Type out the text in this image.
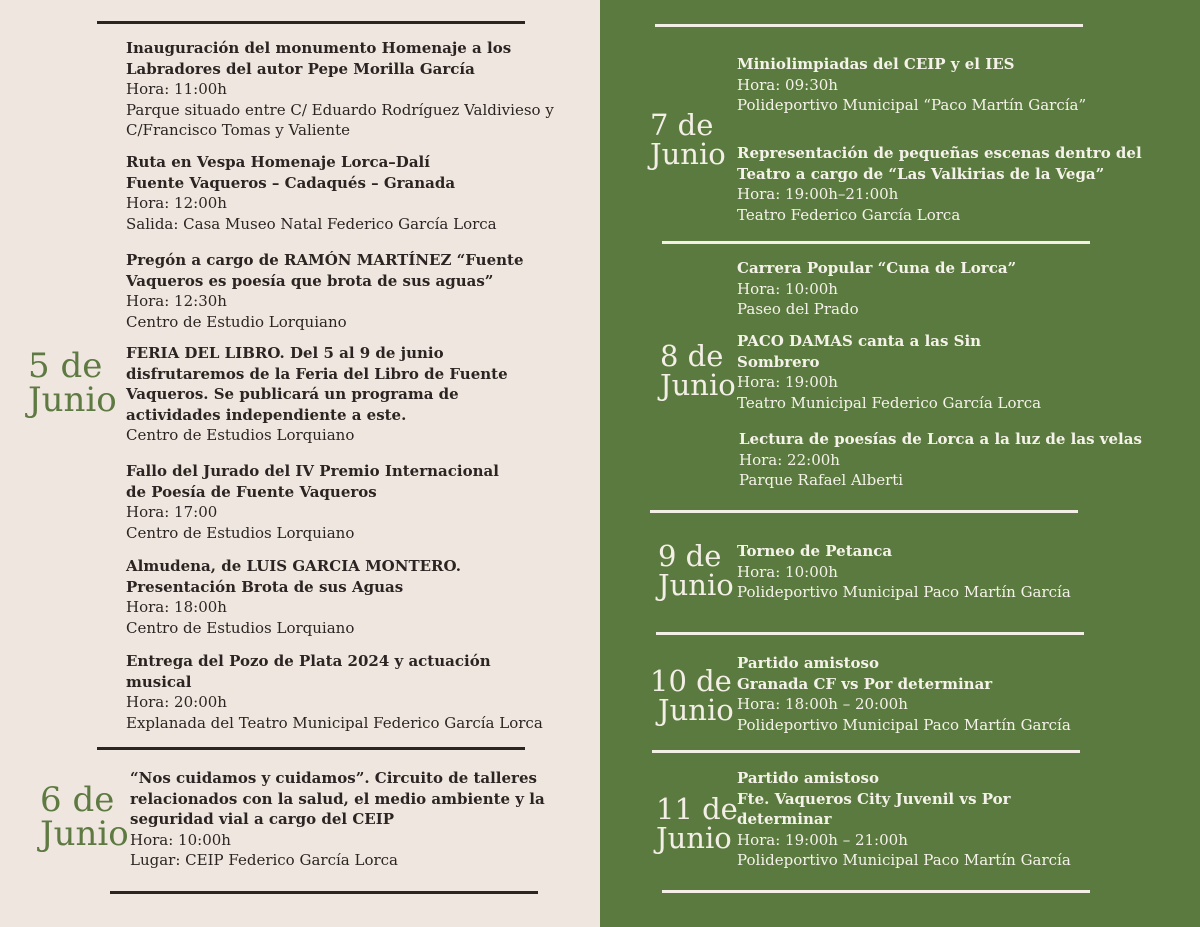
5 de
Junio
Inauguración del monumento Homenaje a los
Labradores del autor Pepe Morilla García
Hora: 11:00h
Parque situado entre C/ Eduardo Rodríguez Valdivieso y
C/Francisco Tomas y Valiente
Ruta en Vespa Homenaje Lorca–Dalí
Fuente Vaqueros – Cadaqués – Granada
Hora: 12:00h
Salida: Casa Museo Natal Federico García Lorca
Pregón a cargo de RAMÓN MARTÍNEZ “Fuente
Vaqueros es poesía que brota de sus aguas”
Hora: 12:30h
Centro de Estudio Lorquiano
FERIA DEL LIBRO. Del 5 al 9 de junio
disfrutaremos de la Feria del Libro de Fuente
Vaqueros. Se publicará un programa de
actividades independiente a este.
Centro de Estudios Lorquiano
Fallo del Jurado del IV Premio Internacional
de Poesía de Fuente Vaqueros
Hora: 17:00
Centro de Estudios Lorquiano
Almudena, de LUIS GARCIA MONTERO.
Presentación Brota de sus Aguas
Hora: 18:00h
Centro de Estudios Lorquiano
Entrega del Pozo de Plata 2024 y actuación
musical
Hora: 20:00h
Explanada del Teatro Municipal Federico García Lorca
6 de
Junio
“Nos cuidamos y cuidamos”. Circuito de talleres
relacionados con la salud, el medio ambiente y la
seguridad vial a cargo del CEIP
Hora: 10:00h
Lugar: CEIP Federico García Lorca
7 de
Junio
Miniolimpiadas del CEIP y el IES
Hora: 09:30h
Polideportivo Municipal “Paco Martín García”
Representación de pequeñas escenas dentro del
Teatro a cargo de “Las Valkirias de la Vega”
Hora: 19:00h–21:00h
Teatro Federico García Lorca
8 de
Junio
Carrera Popular “Cuna de Lorca”
Hora: 10:00h
Paseo del Prado
PACO DAMAS canta a las Sin
Sombrero
Hora: 19:00h
Teatro Municipal Federico García Lorca
Lectura de poesías de Lorca a la luz de las velas
Hora: 22:00h
Parque Rafael Alberti
9 de
Junio
Torneo de Petanca
Hora: 10:00h
Polideportivo Municipal Paco Martín García
10 de
Junio
Partido amistoso
Granada CF vs Por determinar
Hora: 18:00h – 20:00h
Polideportivo Municipal Paco Martín García
11 de
Junio
Partido amistoso
Fte. Vaqueros City Juvenil vs Por
determinar
Hora: 19:00h – 21:00h
Polideportivo Municipal Paco Martín García
